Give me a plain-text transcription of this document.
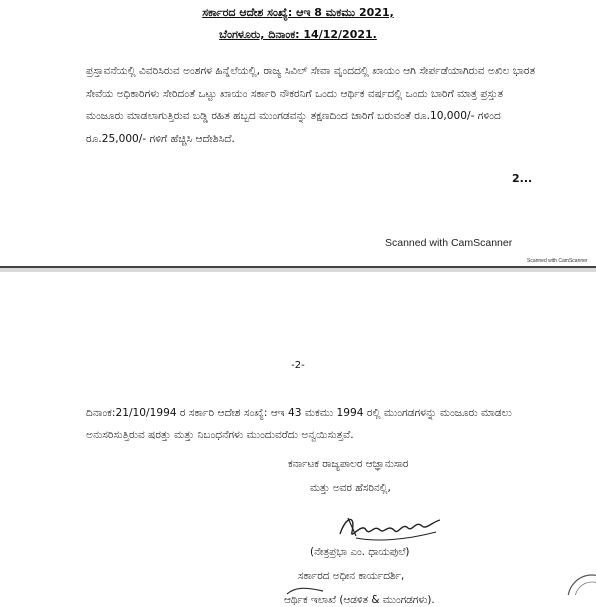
ಸರ್ಕಾರದ ಆದೇಶ ಸಂಖ್ಯೆ: ಆಇ 8 ಮಕಮು 2021,
ಬೆಂಗಳೂರು, ದಿನಾಂಕ: 14/12/2021.

ಪ್ರಸ್ತಾವನೆಯಲ್ಲಿ ವಿವರಿಸಿರುವ ಅಂಶಗಳ ಹಿನ್ನೆಲೆಯಲ್ಲಿ, ರಾಜ್ಯ ಸಿವಿಲ್ ಸೇವಾ ವೃಂದದಲ್ಲಿ ಖಾಯಂ ಆಗಿ ಸೇರ್ಪಡೆಯಾಗಿರುವ ಅಖಿಲ ಭಾರತ ಸೇವೆಯ ಅಧಿಕಾರಿಗಳು ಸೇರಿದಂತೆ ಒಟ್ಟು ಖಾಯಂ ಸರ್ಕಾರಿ ನೌಕರನಿಗೆ ಒಂದು ಆರ್ಥಿಕ ವರ್ಷದಲ್ಲಿ ಒಂದು ಬಾರಿಗೆ ಮಾತ್ರ ಪ್ರಸ್ತುತ ಮಂಜೂರು ಮಾಡಲಾಗುತ್ತಿರುವ ಬಡ್ಡಿ ರಹಿತ ಹಬ್ಬದ ಮುಂಗಡವನ್ನು ತಕ್ಷಣದಿಂದ ಜಾರಿಗೆ ಬರುವಂತೆ ರೂ.10,000/- ಗಳಿಂದ ರೂ.25,000/- ಗಳಿಗೆ ಹೆಚ್ಚಿಸಿ ಆದೇಶಿಸಿದೆ.

2...
Scanned with CamScanner
Scanned with CamScanner
-2-

ದಿನಾಂಕ:21/10/1994 ರ ಸರ್ಕಾರಿ ಆದೇಶ ಸಂಖ್ಯೆ: ಆಇ 43 ಮಕಮು 1994 ರಲ್ಲಿ ಮುಂಗಡಗಳನ್ನು ಮಂಜೂರು ಮಾಡಲು ಅನುಸರಿಸುತ್ತಿರುವ ಷರತ್ತು ಮತ್ತು ನಿಬಂಧನೆಗಳು ಮುಂದುವರೆದು ಅನ್ವಯಿಸುತ್ತವೆ.

ಕರ್ನಾಟಕ ರಾಜ್ಯಪಾಲರ ಆಜ್ಞಾನುಸಾರ
ಮತ್ತು ಅವರ ಹೆಸರಿನಲ್ಲಿ,
(ನೇತ್ರಪ್ರಭಾ ಎಂ. ಧಾಯಪುಲೆ)
ಸರ್ಕಾರದ ಅಧೀನ ಕಾರ್ಯದರ್ಶಿ,
ಆರ್ಥಿಕ ಇಲಾಖೆ (ಆಡಳಿತ & ಮುಂಗಡಗಳು).
